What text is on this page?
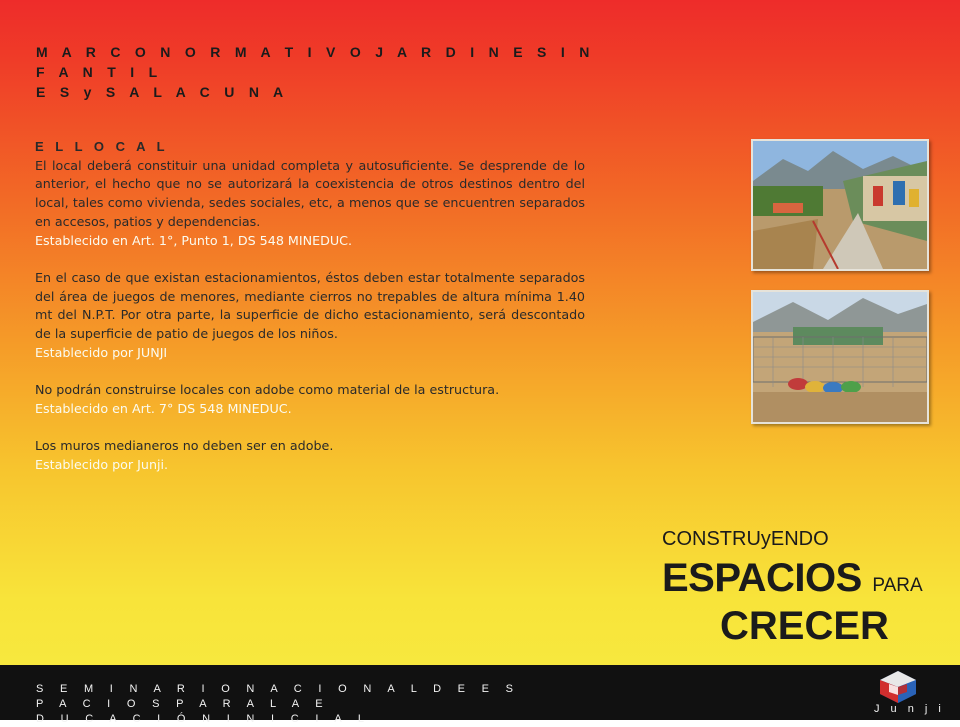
M A R C O N O R M A T I V O J A R D I N E S I N F A N T I L
E S y S A L A C U N A
E L L O C A L

El local deberá constituir una unidad completa y autosuficiente. Se desprende de lo anterior, el hecho que no se autorizará la coexistencia de otros destinos dentro del local, tales como vivienda, sedes sociales, etc, a menos que se encuentren separados en accesos, patios y dependencias.

Establecido en Art. 1°, Punto 1, DS 548 MINEDUC.

En el caso de que existan estacionamientos, éstos deben estar totalmente separados del área de juegos de menores, mediante cierros no trepables de altura mínima 1.40 mt del N.P.T. Por otra parte, la superficie de dicho estacionamiento, será descontado de la superficie de patio de juegos de los niños.

Establecido por JUNJI

No podrán construirse locales con adobe como material de la estructura.

Establecido en Art. 7° DS 548 MINEDUC.

Los muros medianeros no deben ser en adobe.

Establecido por Junji.
CONSTRUyENDO
ESPACIOS PARA
CRECER
S E M I N A R I O N A C I O N A L D E E S P A C I O S P A R A L A E
D U C A C I Ó N I N I C I A L
J u n j i
